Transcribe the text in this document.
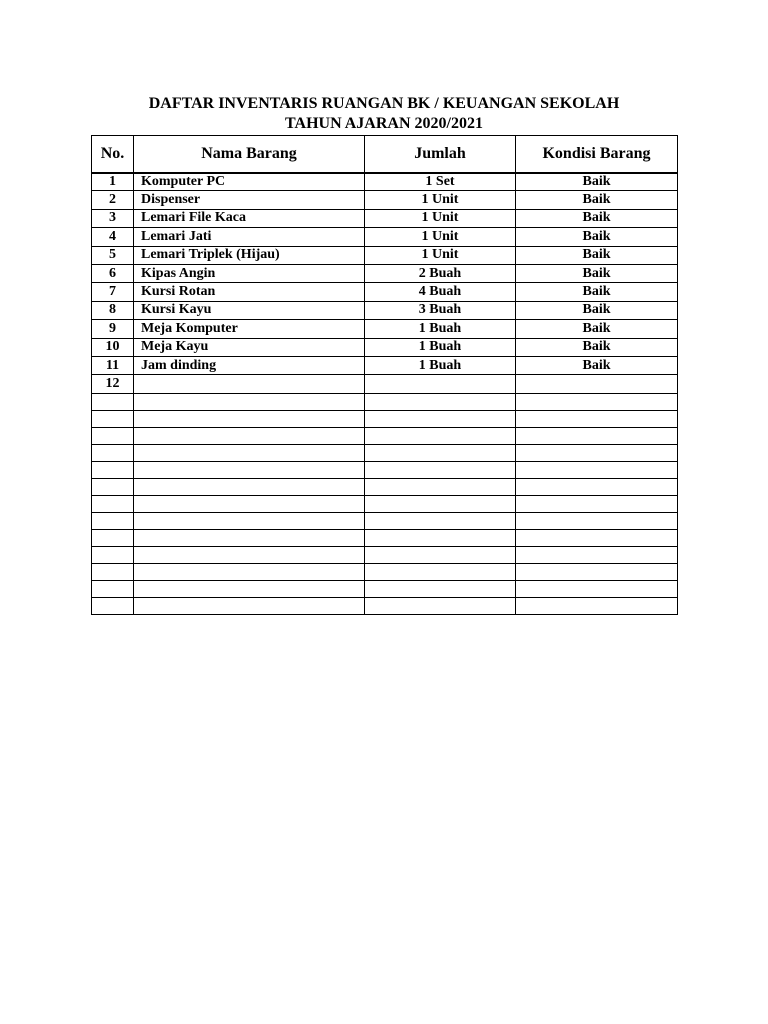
DAFTAR INVENTARIS RUANGAN BK / KEUANGAN SEKOLAH
TAHUN AJARAN 2020/2021
No.	Nama Barang	Jumlah	Kondisi Barang
1	Komputer PC	1 Set	Baik
2	Dispenser	1 Unit	Baik
3	Lemari File Kaca	1 Unit	Baik
4	Lemari Jati	1 Unit	Baik
5	Lemari Triplek (Hijau)	1 Unit	Baik
6	Kipas Angin	2 Buah	Baik
7	Kursi Rotan	4 Buah	Baik
8	Kursi Kayu	3 Buah	Baik
9	Meja Komputer	1 Buah	Baik
10	Meja Kayu	1 Buah	Baik
11	Jam dinding	1 Buah	Baik
12			
